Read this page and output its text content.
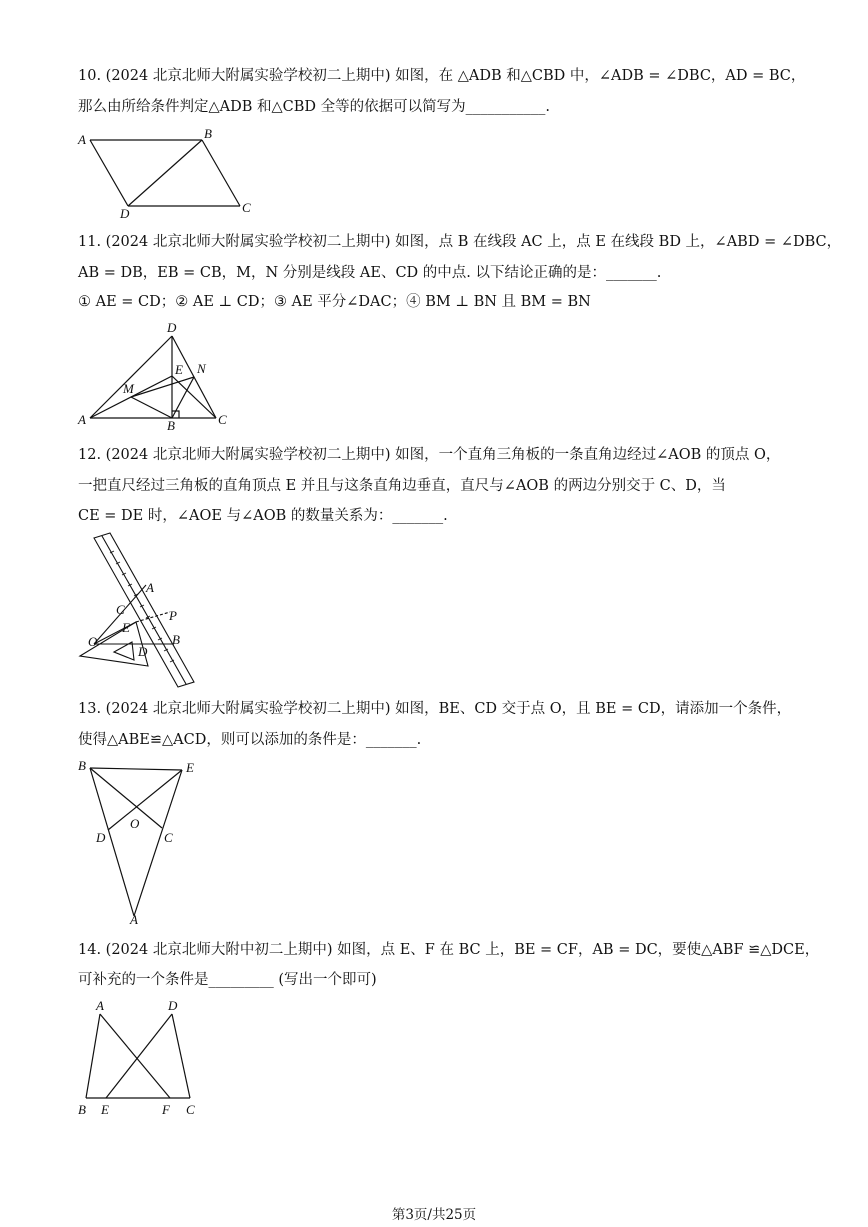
10. (2024 北京北师大附属实验学校初二上期中) 如图，在 △ADB 和△CBD 中，∠ADB = ∠DBC，AD = BC，
那么由所给条件判定△ADB 和△CBD 全等的依据可以简写为___________.
A	B
D	C
11. (2024 北京北师大附属实验学校初二上期中) 如图，点 B 在线段 AC 上，点 E 在线段 BD 上，∠ABD = ∠DBC，
AB = DB，EB = CB，M，N 分别是线段 AE、CD 的中点. 以下结论正确的是：_______.
① AE = CD；② AE ⊥ CD；③ AE 平分∠DAC；④ BM ⊥ BN 且 BM = BN
D
E N
M
A	B	C
12. (2024 北京北师大附属实验学校初二上期中) 如图，一个直角三角板的一条直角边经过∠AOB 的顶点 O，
一把直尺经过三角板的直角顶点 E 并且与这条直角边垂直，直尺与∠AOB 的两边分别交于 C、D，当
CE = DE 时，∠AOE 与∠AOB 的数量关系为：_______.
A
C	P
E
O	B
D
13. (2024 北京北师大附属实验学校初二上期中) 如图，BE、CD 交于点 O，且 BE = CD，请添加一个条件，
使得△ABE≌△ACD，则可以添加的条件是：_______.
B	E
O
D	C
A
14. (2024 北京北师大附中初二上期中) 如图，点 E、F 在 BC 上，BE = CF，AB = DC，要使△ABF ≌△DCE，
可补充的一个条件是_________ (写出一个即可)
A	D
B E	F C
第3页/共25页
